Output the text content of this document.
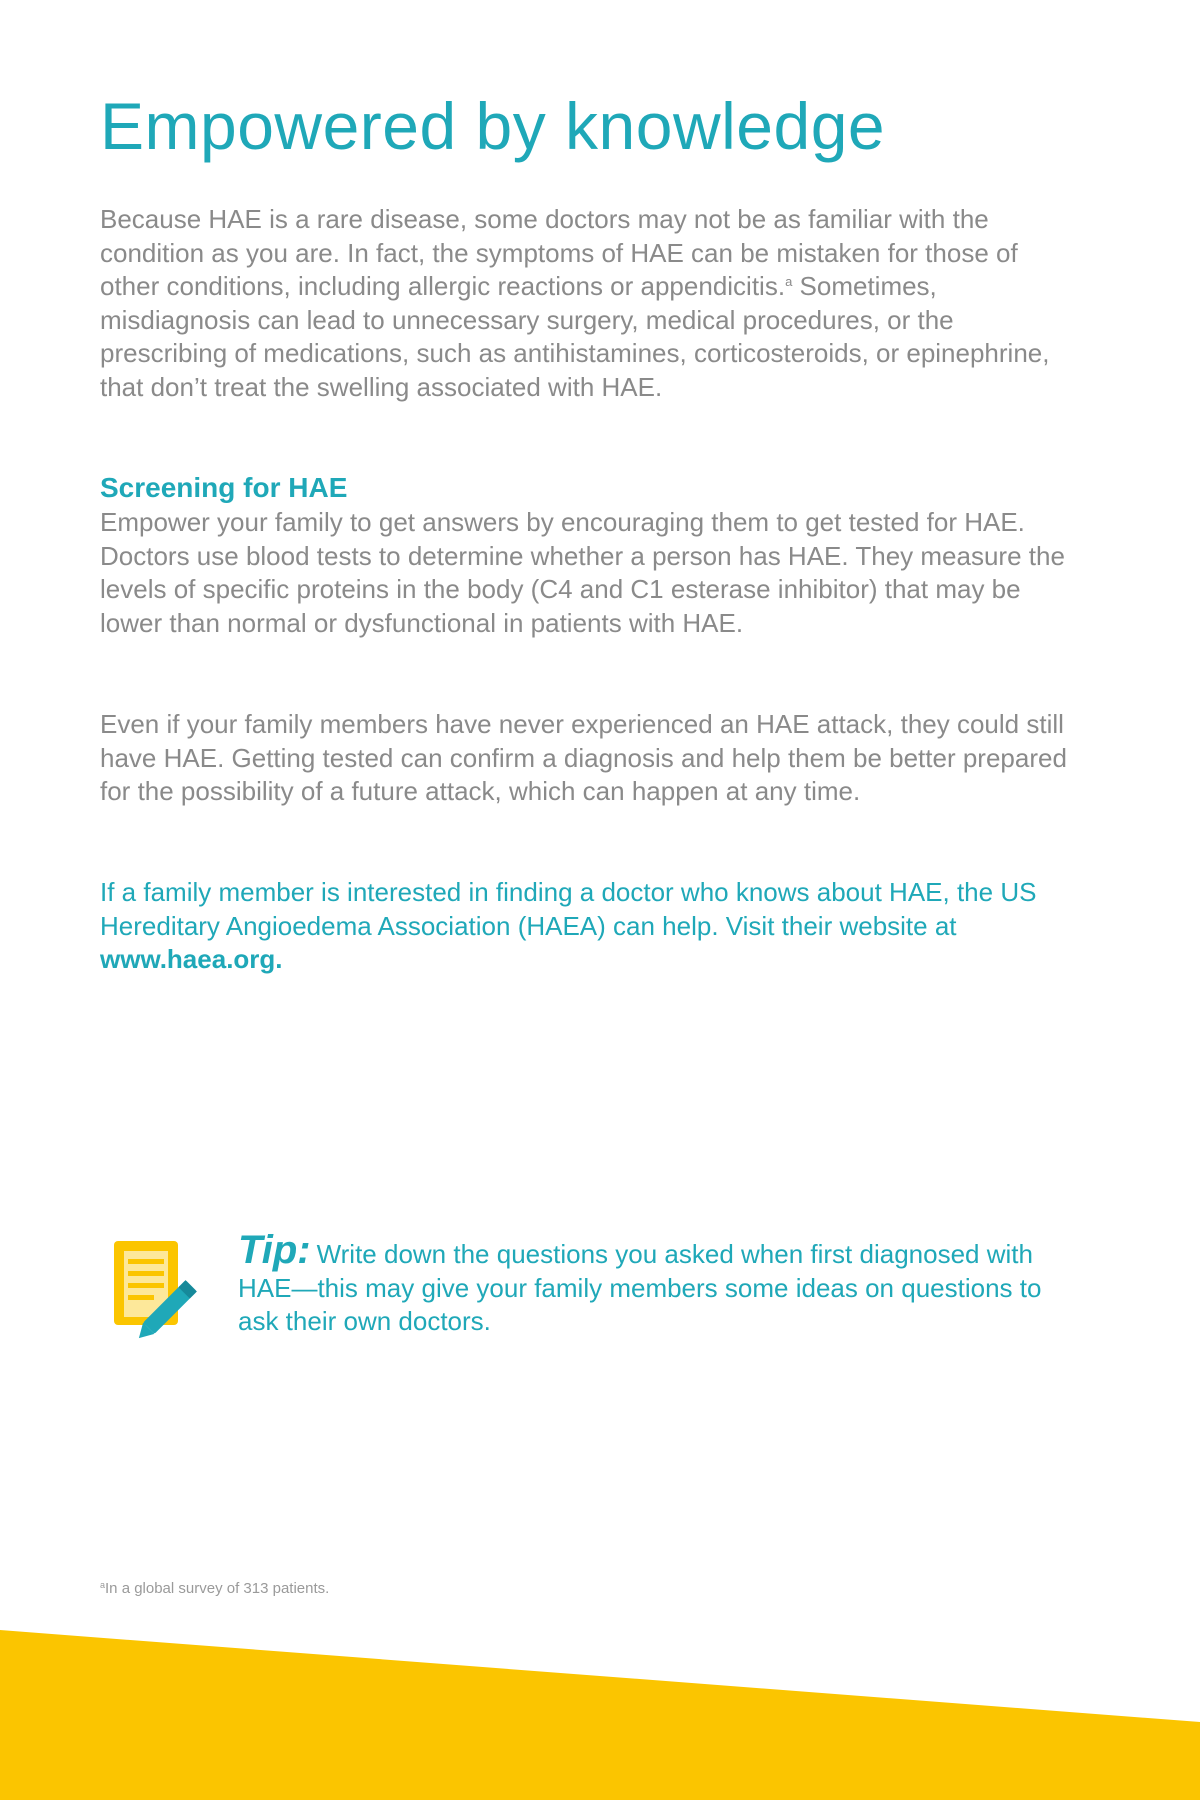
Empowered by knowledge

Because HAE is a rare disease, some doctors may not be as familiar with the condition as you are. In fact, the symptoms of HAE can be mistaken for those of other conditions, including allergic reactions or appendicitis.$^a$ Sometimes, misdiagnosis can lead to unnecessary surgery, medical procedures, or the prescribing of medications, such as antihistamines, corticosteroids, or epinephrine, that don’t treat the swelling associated with HAE.

Screening for HAE

Empower your family to get answers by encouraging them to get tested for HAE. Doctors use blood tests to determine whether a person has HAE. They measure the levels of specific proteins in the body (C4 and C1 esterase inhibitor) that may be lower than normal or dysfunctional in patients with HAE.

Even if your family members have never experienced an HAE attack, they could still have HAE. Getting tested can confirm a diagnosis and help them be better prepared for the possibility of a future attack, which can happen at any time.

If a family member is interested in finding a doctor who knows about HAE, the US Hereditary Angioedema Association (HAEA) can help. Visit their website at www.haea.org.

Tip: Write down the questions you asked when first diagnosed with HAE—this may give your family members some ideas on questions to ask their own doctors.

$^a$In a global survey of 313 patients.
